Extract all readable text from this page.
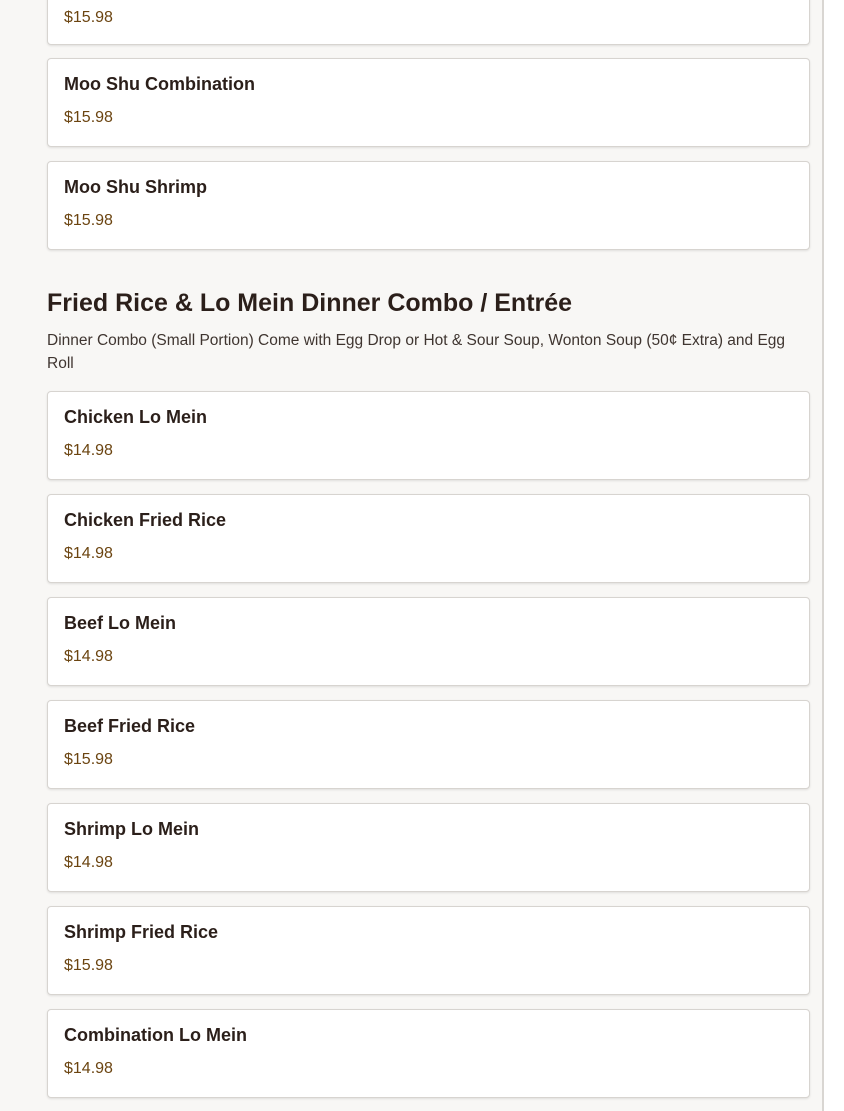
$15.98
Moo Shu Combination
$15.98
Moo Shu Shrimp
$15.98
Fried Rice & Lo Mein Dinner Combo / Entrée
Dinner Combo (Small Portion) Come with Egg Drop or Hot & Sour Soup, Wonton Soup (50¢ Extra) and Egg Roll
Chicken Lo Mein
$14.98
Chicken Fried Rice
$14.98
Beef Lo Mein
$14.98
Beef Fried Rice
$15.98
Shrimp Lo Mein
$14.98
Shrimp Fried Rice
$15.98
Combination Lo Mein
$14.98
